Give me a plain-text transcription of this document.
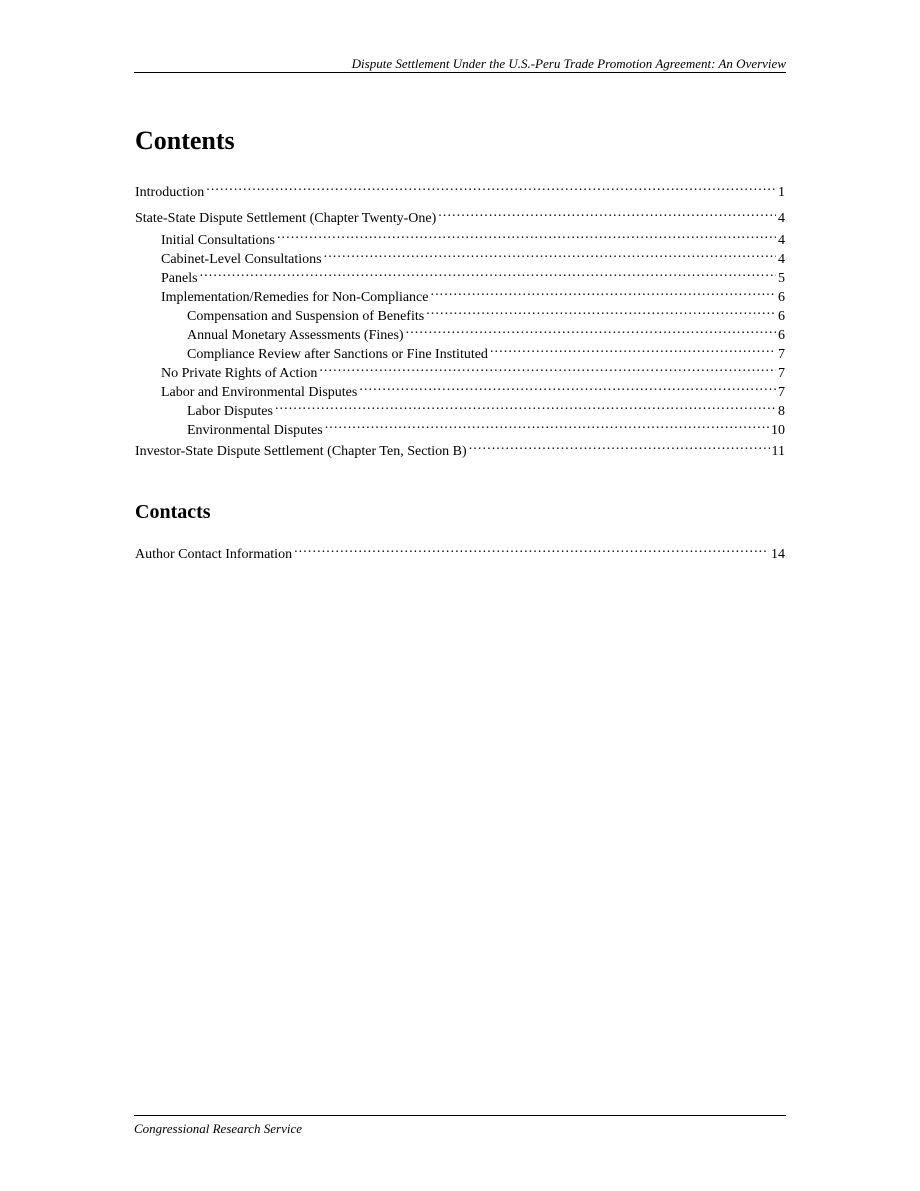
Dispute Settlement Under the U.S.-Peru Trade Promotion Agreement: An Overview
Contents
Introduction . . .	1
State-State Dispute Settlement (Chapter Twenty-One) . . .	4
Initial Consultations . . .	4
Cabinet-Level Consultations . . .	4
Panels . . .	5
Implementation/Remedies for Non-Compliance . . .	6
Compensation and Suspension of Benefits . . .	6
Annual Monetary Assessments (Fines) . . .	6
Compliance Review after Sanctions or Fine Instituted . . .	7
No Private Rights of Action . . .	7
Labor and Environmental Disputes . . .	7
Labor Disputes . . .	8
Environmental Disputes . . .	10
Investor-State Dispute Settlement (Chapter Ten, Section B) . . .	11
Contacts
Author Contact Information . . .	14
Congressional Research Service
